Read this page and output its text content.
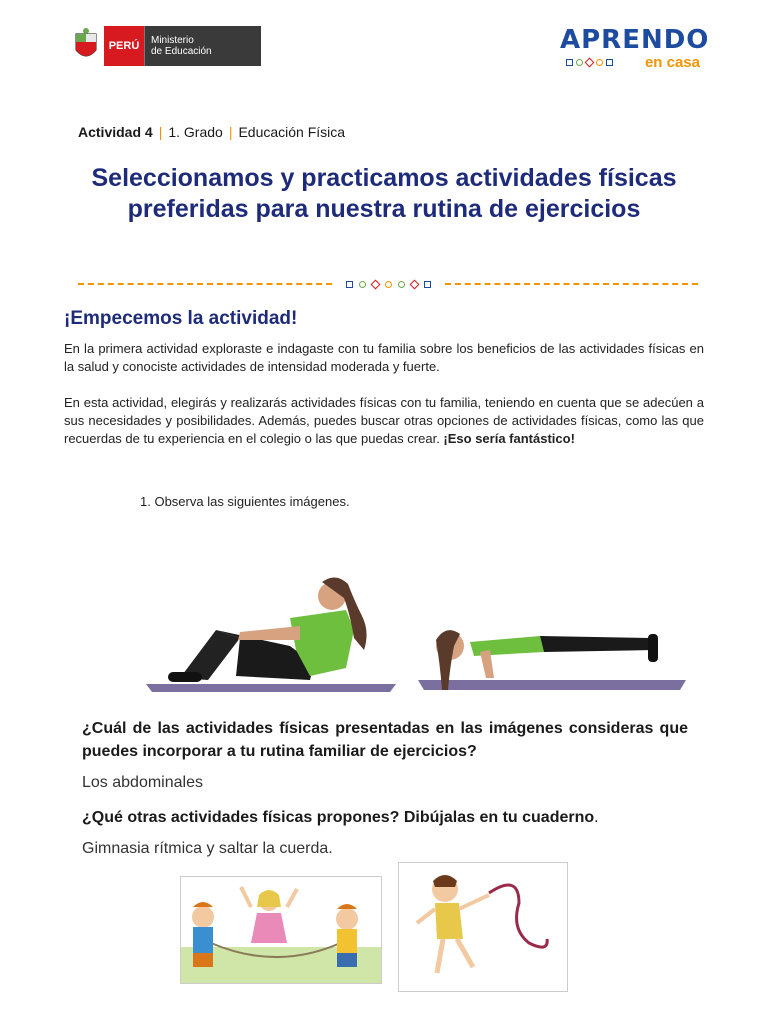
PERÚ	Ministerio
de Educación	APRENDO
en casa
Actividad 4 | 1. Grado | Educación Física
Seleccionamos y practicamos actividades físicas preferidas para nuestra rutina de ejercicios
¡Empecemos la actividad!
En la primera actividad exploraste e indagaste con tu familia sobre los beneficios de las actividades físicas en la salud y conociste actividades de intensidad moderada y fuerte.
En esta actividad, elegirás y realizarás actividades físicas con tu familia, teniendo en cuenta que se adecúen a sus necesidades y posibilidades. Además, puedes buscar otras opciones de actividades físicas, como las que recuerdas de tu experiencia en el colegio o las que puedas crear. ¡Eso sería fantástico!
1. Observa las siguientes imágenes.
¿Cuál de las actividades físicas presentadas en las imágenes consideras que puedes incorporar a tu rutina familiar de ejercicios?
Los abdominales
¿Qué otras actividades físicas propones? Dibújalas en tu cuaderno.
Gimnasia rítmica y saltar la cuerda.
